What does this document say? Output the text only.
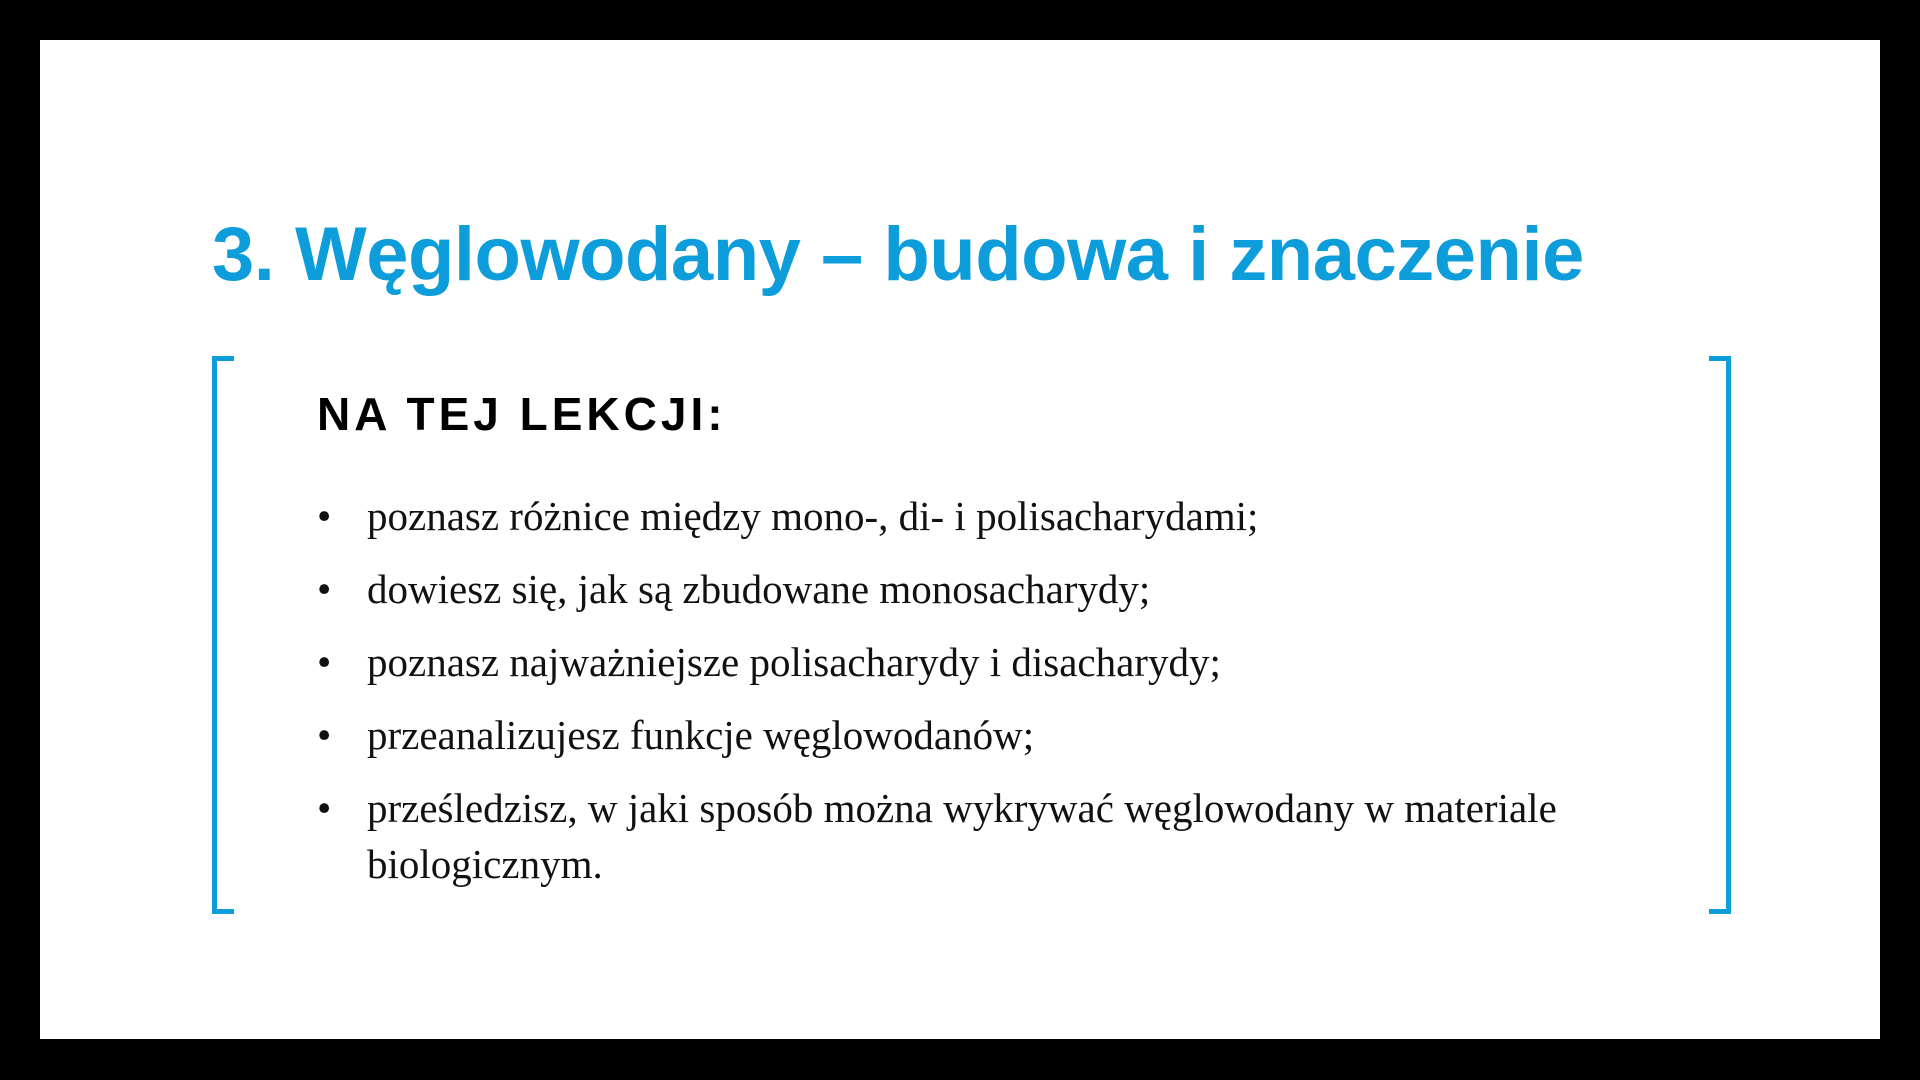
3. Węglowodany – budowa i znaczenie
NA TEJ LEKCJI:
• poznasz różnice między mono-, di- i polisacharydami;
• dowiesz się, jak są zbudowane monosacharydy;
• poznasz najważniejsze polisacharydy i disacharydy;
• przeanalizujesz funkcje węglowodanów;
• prześledzisz, w jaki sposób można wykrywać węglowodany w materiale biologicznym.
